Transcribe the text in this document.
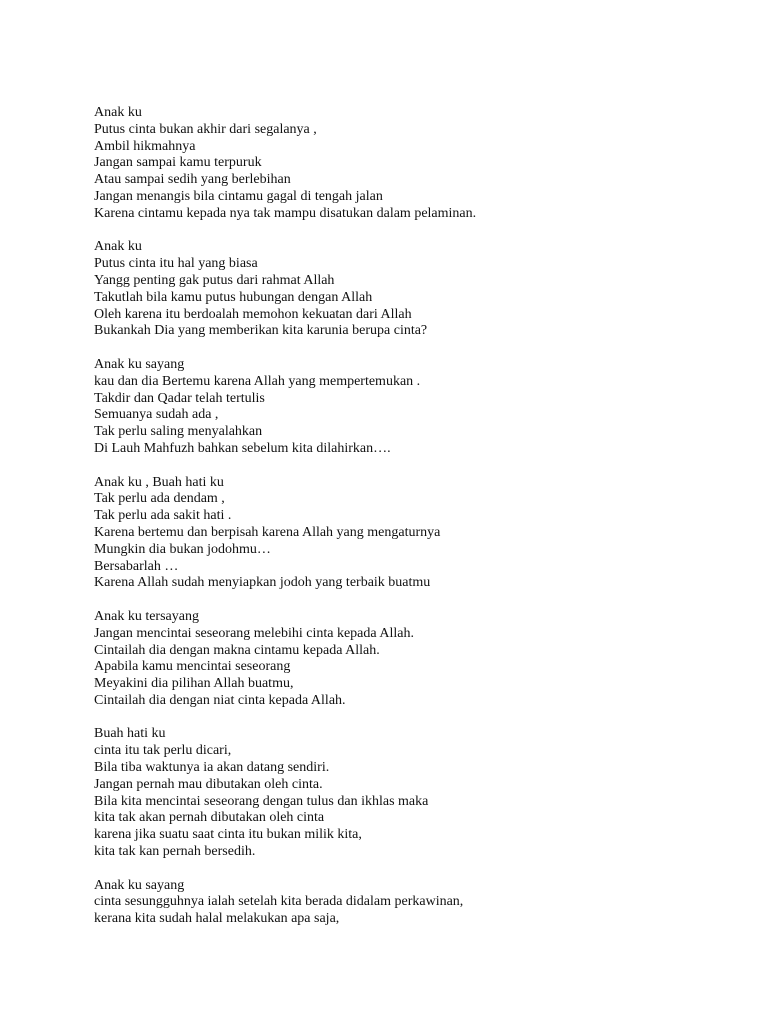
Anak ku
Putus cinta bukan akhir dari segalanya ,
Ambil hikmahnya
Jangan sampai kamu terpuruk
Atau sampai sedih yang berlebihan
Jangan menangis bila cintamu gagal di tengah jalan
Karena cintamu kepada nya tak mampu disatukan dalam pelaminan.
Anak ku
Putus cinta itu hal yang biasa
Yangg penting gak putus dari rahmat Allah
Takutlah bila kamu putus hubungan dengan Allah
Oleh karena itu berdoalah memohon kekuatan dari Allah
Bukankah Dia yang memberikan kita karunia berupa cinta?
Anak ku sayang
kau dan dia Bertemu karena Allah yang mempertemukan .
Takdir dan Qadar telah tertulis
Semuanya sudah ada ,
Tak perlu saling menyalahkan
Di Lauh Mahfuzh bahkan sebelum kita dilahirkan….
Anak ku , Buah hati ku
Tak perlu ada dendam ,
Tak perlu ada sakit hati .
Karena bertemu dan berpisah karena Allah yang mengaturnya
Mungkin dia bukan jodohmu…
Bersabarlah …
Karena Allah sudah menyiapkan jodoh yang terbaik buatmu
Anak ku tersayang
Jangan mencintai seseorang melebihi cinta kepada Allah.
Cintailah dia dengan makna cintamu kepada Allah.
Apabila kamu mencintai seseorang
Meyakini dia pilihan Allah buatmu,
Cintailah dia dengan niat cinta kepada Allah.
Buah hati ku
cinta itu tak perlu dicari,
Bila tiba waktunya ia akan datang sendiri.
Jangan pernah mau dibutakan oleh cinta.
Bila kita mencintai seseorang dengan tulus dan ikhlas maka
kita tak akan pernah dibutakan oleh cinta
karena jika suatu saat cinta itu bukan milik kita,
kita tak kan pernah bersedih.
Anak ku sayang
cinta sesungguhnya ialah setelah kita berada didalam perkawinan,
kerana kita sudah halal melakukan apa saja,
